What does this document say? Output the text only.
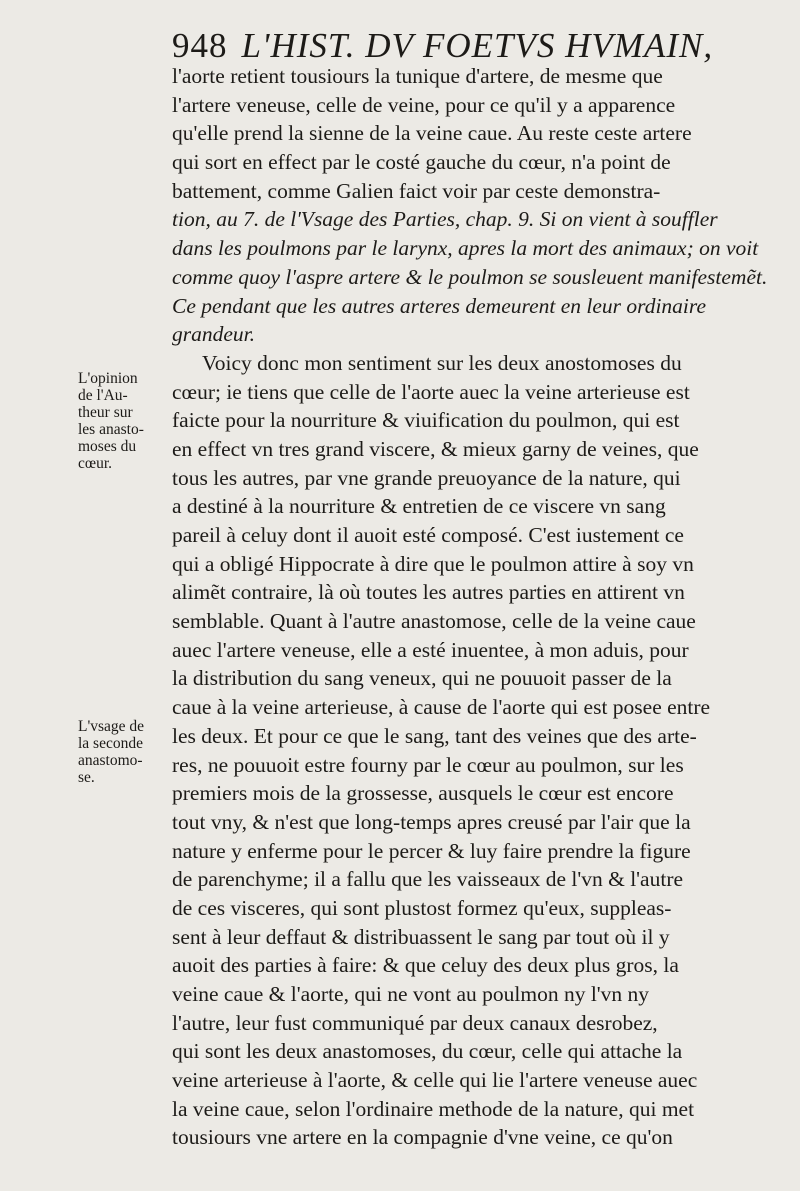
948 L'HIST. DV FOETVS HVMAIN,
l'aorte retient tousiours la tunique d'artere, de mesme que
l'artere veneuse, celle de veine, pour ce qu'il y a apparence
qu'elle prend la sienne de la veine caue. Au reste ceste artere
qui sort en effect par le costé gauche du cœur, n'a point de
battement, comme Galien faict voir par ceste demonstra-
tion, au 7. de l'Vsage des Parties, chap. 9. Si on vient à souffler
dans les poulmons par le larynx, apres la mort des animaux; on voit
comme quoy l'aspre artere & le poulmon se sousleuent manifestemẽt.
Ce pendant que les autres arteres demeurent en leur ordinaire
grandeur.
Voicy donc mon sentiment sur les deux anostomoses du
cœur; ie tiens que celle de l'aorte auec la veine arterieuse est
faicte pour la nourriture & viuification du poulmon, qui est
en effect vn tres grand viscere, & mieux garny de veines, que
tous les autres, par vne grande preuoyance de la nature, qui
a destiné à la nourriture & entretien de ce viscere vn sang
pareil à celuy dont il auoit esté composé. C'est iustement ce
qui a obligé Hippocrate à dire que le poulmon attire à soy vn
alimẽt contraire, là où toutes les autres parties en attirent vn
semblable. Quant à l'autre anastomose, celle de la veine caue
auec l'artere veneuse, elle a esté inuentee, à mon aduis, pour
la distribution du sang veneux, qui ne pouuoit passer de la
caue à la veine arterieuse, à cause de l'aorte qui est posee entre
les deux. Et pour ce que le sang, tant des veines que des arte-
res, ne pouuoit estre fourny par le cœur au poulmon, sur les
premiers mois de la grossesse, ausquels le cœur est encore
tout vny, & n'est que long-temps apres creusé par l'air que la
nature y enferme pour le percer & luy faire prendre la figure
de parenchyme; il a fallu que les vaisseaux de l'vn & l'autre
de ces visceres, qui sont plustost formez qu'eux, suppleas-
sent à leur deffaut & distribuassent le sang par tout où il y
auoit des parties à faire: & que celuy des deux plus gros, la
veine caue & l'aorte, qui ne vont au poulmon ny l'vn ny
l'autre, leur fust communiqué par deux canaux desrobez,
qui sont les deux anastomoses, du cœur, celle qui attache la
veine arterieuse à l'aorte, & celle qui lie l'artere veneuse auec
la veine caue, selon l'ordinaire methode de la nature, qui met
tousiours vne artere en la compagnie d'vne veine, ce qu'on
L'opinion
de l'Au-
theur sur
les anasto-
moses du
cœur.
L'vsage de
la seconde
anastomo-
se.
